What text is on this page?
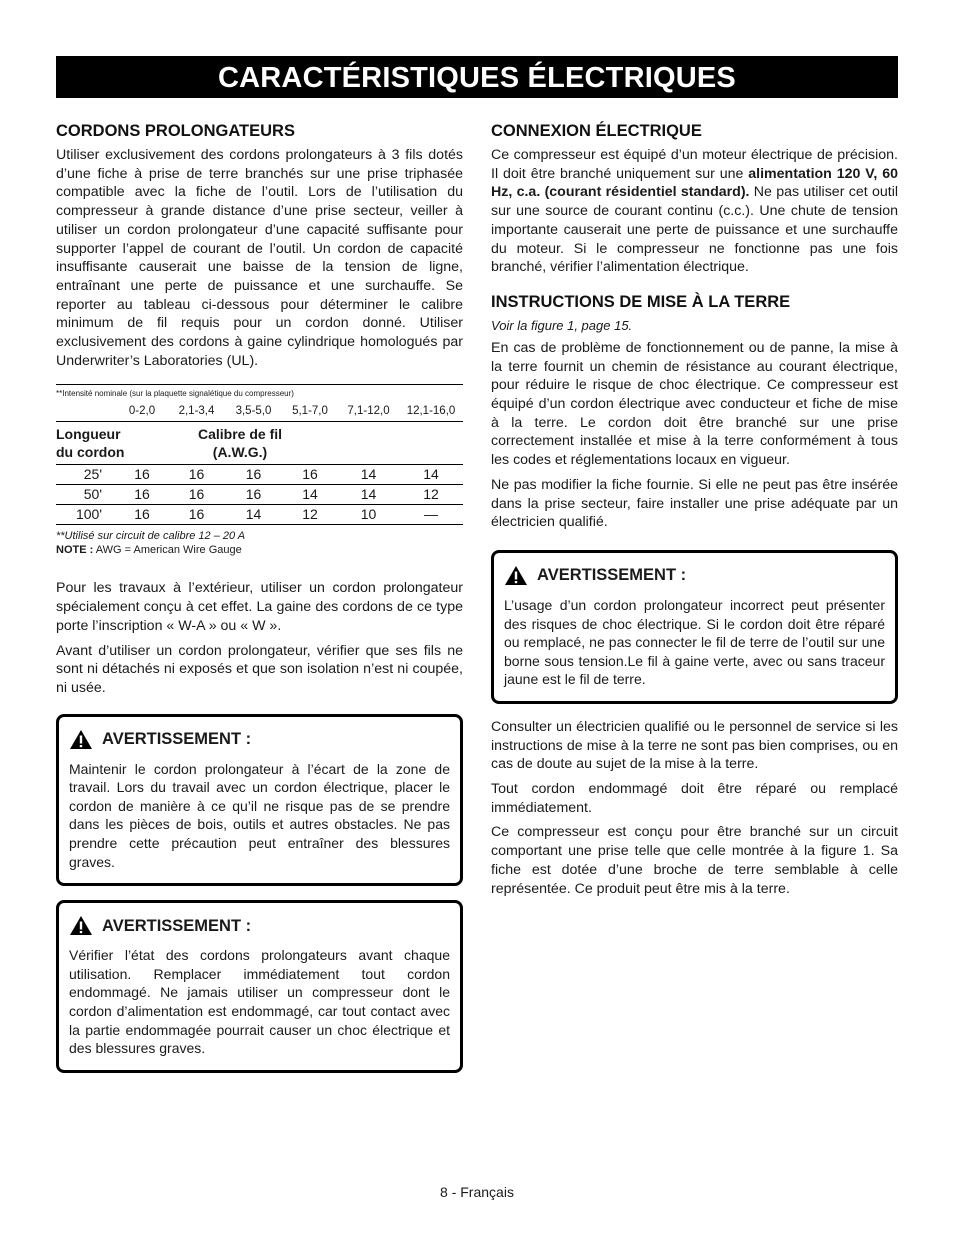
CARACTÉRISTIQUES ÉLECTRIQUES
CORDONS PROLONGATEURS

Utiliser exclusivement des cordons prolongateurs à 3 fils dotés d’une fiche à prise de terre branchés sur une prise triphasée compatible avec la fiche de l’outil. Lors de l’utilisation du compresseur à grande distance d’une prise secteur, veiller à utiliser un cordon prolongateur d’une capacité suffisante pour supporter l’appel de courant de l’outil. Un cordon de capacité insuffisante causerait une baisse de la tension de ligne, entraînant une perte de puissance et une surchauffe. Se reporter au tableau ci-dessous pour déterminer le calibre minimum de fil requis pour un cordon donné. Utiliser exclusivement des cordons à gaine cylindrique homologués par Underwriter’s Laboratories (UL).

**Intensité nominale (sur la plaquette signalétique du compresseur)

0-2,0	2,1-3,4	3,5-5,0	5,1-7,0	7,1-12,0	12,1-16,0
Longueur
du cordon
Calibre de fil
(A.W.G.)
25'	16	16	16	16	14	14
50'	16	16	16	14	14	12
100'	16	16	14	12	10	—

**Utilisé sur circuit de calibre 12 – 20 A

NOTE : AWG = American Wire Gauge

Pour les travaux à l’extérieur, utiliser un cordon prolongateur spécialement conçu à cet effet. La gaine des cordons de ce type porte l’inscription « W-A » ou « W ».

Avant d’utiliser un cordon prolongateur, vérifier que ses fils ne sont ni détachés ni exposés et que son isolation n’est ni coupée, ni usée.

AVERTISSEMENT :

Maintenir le cordon prolongateur à l’écart de la zone de travail. Lors du travail avec un cordon électrique, placer le cordon de manière à ce qu’il ne risque pas de se prendre dans les pièces de bois, outils et autres obstacles. Ne pas prendre cette précaution peut entraîner des blessures graves.

AVERTISSEMENT :

Vérifier l’état des cordons prolongateurs avant chaque utilisation. Remplacer immédiatement tout cordon endommagé. Ne jamais utiliser un compresseur dont le cordon d’alimentation est endommagé, car tout contact avec la partie endommagée pourrait causer un choc électrique et des blessures graves.

CONNEXION ÉLECTRIQUE

Ce compresseur est équipé d’un moteur électrique de précision. Il doit être branché uniquement sur une alimentation 120 V, 60 Hz, c.a. (courant résidentiel standard). Ne pas utiliser cet outil sur une source de courant continu (c.c.). Une chute de tension importante causerait une perte de puissance et une surchauffe du moteur. Si le compresseur ne fonctionne pas une fois branché, vérifier l’alimentation électrique.

INSTRUCTIONS DE MISE À LA TERRE

Voir la figure 1, page 15.

En cas de problème de fonctionnement ou de panne, la mise à la terre fournit un chemin de résistance au courant électrique, pour réduire le risque de choc électrique. Ce compresseur est équipé d’un cordon électrique avec conducteur et fiche de mise à la terre. Le cordon doit être branché sur une prise correctement installée et mise à la terre conformément à tous les codes et réglementations locaux en vigueur.

Ne pas modifier la fiche fournie. Si elle ne peut pas être insérée dans la prise secteur, faire installer une prise adéquate par un électricien qualifié.

AVERTISSEMENT :

L’usage d’un cordon prolongateur incorrect peut présenter des risques de choc électrique. Si le cordon doit être réparé ou remplacé, ne pas connecter le fil de terre de l’outil sur une borne sous tension.Le fil à gaine verte, avec ou sans traceur jaune est le fil de terre.

Consulter un électricien qualifié ou le personnel de service si les instructions de mise à la terre ne sont pas bien comprises, ou en cas de doute au sujet de la mise à la terre.

Tout cordon endommagé doit être réparé ou remplacé immédiatement.

Ce compresseur est conçu pour être branché sur un circuit comportant une prise telle que celle montrée à la figure 1. Sa fiche est dotée d’une broche de terre semblable à celle représentée. Ce produit peut être mis à la terre.

8 - Français
